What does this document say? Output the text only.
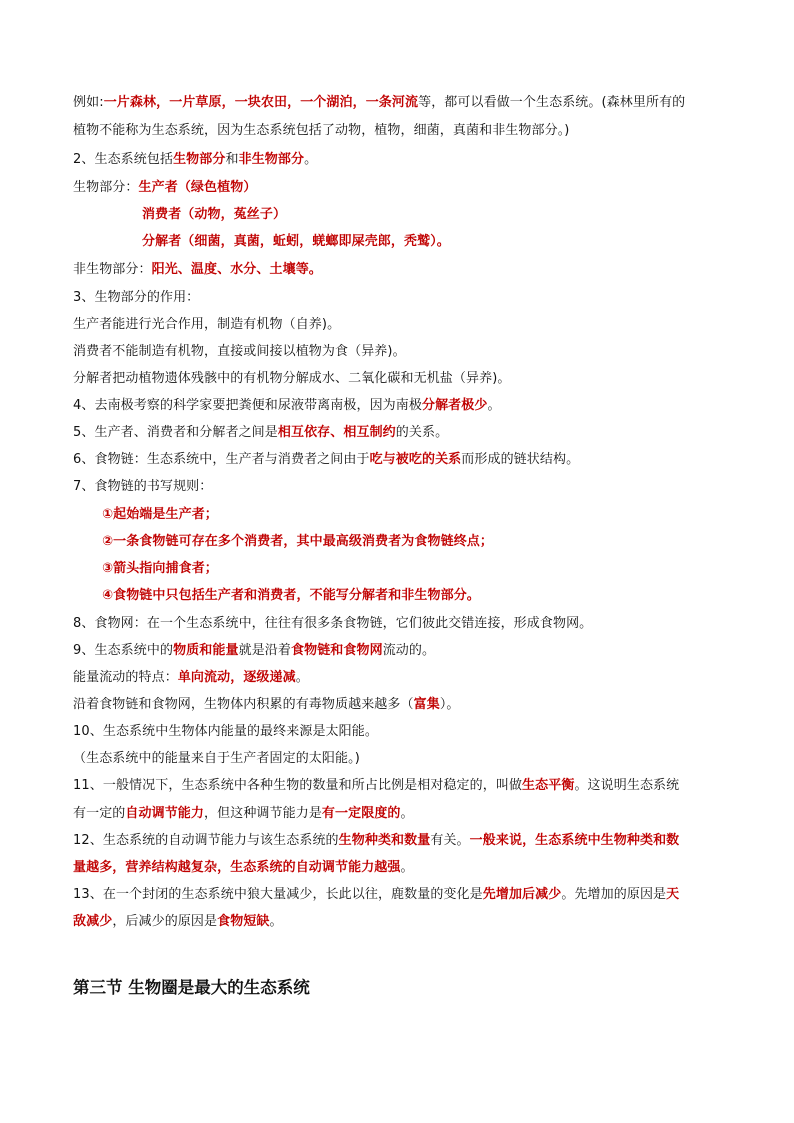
例如:一片森林，一片草原，一块农田，一个湖泊，一条河流等，都可以看做一个生态系统。(森林里所有的
植物不能称为生态系统，因为生态系统包括了动物，植物，细菌，真菌和非生物部分。)
2、生态系统包括生物部分和非生物部分。
生物部分：生产者（绿色植物）
消费者（动物，菟丝子）
分解者（细菌，真菌，蚯蚓，蜣螂即屎壳郎，秃鹫）。
非生物部分：阳光、温度、水分、土壤等。
3、生物部分的作用：
生产者能进行光合作用，制造有机物（自养)。
消费者不能制造有机物，直接或间接以植物为食（异养)。
分解者把动植物遗体残骸中的有机物分解成水、二氧化碳和无机盐（异养)。
4、去南极考察的科学家要把粪便和尿液带离南极，因为南极分解者极少。
5、生产者、消费者和分解者之间是相互依存、相互制约的关系。
6、食物链：生态系统中，生产者与消费者之间由于吃与被吃的关系而形成的链状结构。
7、食物链的书写规则：
①起始端是生产者；
②一条食物链可存在多个消费者，其中最高级消费者为食物链终点；
③箭头指向捕食者；
④食物链中只包括生产者和消费者，不能写分解者和非生物部分。
8、食物网：在一个生态系统中，往往有很多条食物链，它们彼此交错连接，形成食物网。
9、生态系统中的物质和能量就是沿着食物链和食物网流动的。
能量流动的特点：单向流动，逐级递减。
沿着食物链和食物网，生物体内积累的有毒物质越来越多（富集）。
10、生态系统中生物体内能量的最终来源是太阳能。
（生态系统中的能量来自于生产者固定的太阳能。)
11、一般情况下，生态系统中各种生物的数量和所占比例是相对稳定的，叫做生态平衡。这说明生态系统
有一定的自动调节能力，但这种调节能力是有一定限度的。
12、生态系统的自动调节能力与该生态系统的生物种类和数量有关。一般来说，生态系统中生物种类和数
量越多，营养结构越复杂，生态系统的自动调节能力越强。
13、在一个封闭的生态系统中狼大量减少，长此以往，鹿数量的变化是先增加后减少。先增加的原因是天
敌减少，后减少的原因是食物短缺。
第三节 生物圈是最大的生态系统
